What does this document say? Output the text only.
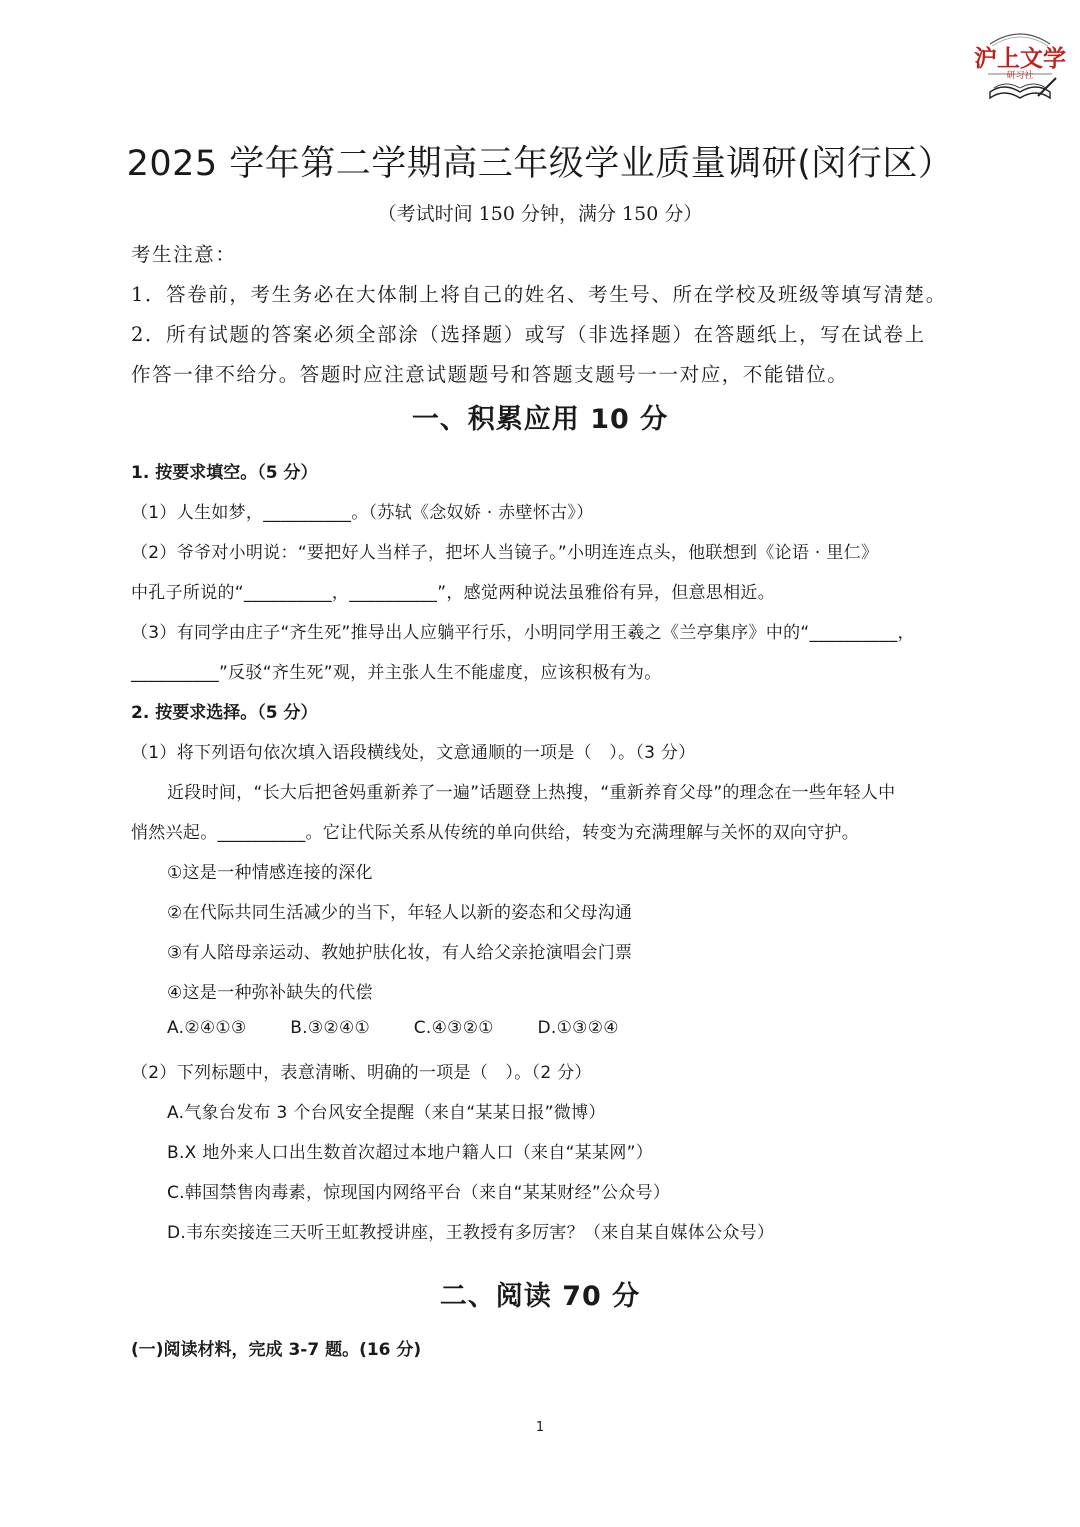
沪上文学
研习社
2025 学年第二学期高三年级学业质量调研(闵行区）
（考试时间 150 分钟，满分 150 分）
考生注意：
1．答卷前，考生务必在大体制上将自己的姓名、考生号、所在学校及班级等填写清楚。
2．所有试题的答案必须全部涂（选择题）或写（非选择题）在答题纸上，写在试卷上
作答一律不给分。答题时应注意试题题号和答题支题号一一对应，不能错位。
一、积累应用 10 分
1. 按要求填空。（5 分）
（1）人生如梦，__________。（苏轼《念奴娇 · 赤壁怀古》）
（2）爷爷对小明说：“要把好人当样子，把坏人当镜子。”小明连连点头，他联想到《论语 · 里仁》
中孔子所说的“__________，__________”，感觉两种说法虽雅俗有异，但意思相近。
（3）有同学由庄子“齐生死”推导出人应躺平行乐，小明同学用王羲之《兰亭集序》中的“__________，
__________”反驳“齐生死”观，并主张人生不能虚度，应该积极有为。
2. 按要求选择。（5 分）
（1）将下列语句依次填入语段横线处，文意通顺的一项是（　）。（3 分）
近段时间，“长大后把爸妈重新养了一遍”话题登上热搜，“重新养育父母”的理念在一些年轻人中
悄然兴起。__________。它让代际关系从传统的单向供给，转变为充满理解与关怀的双向守护。
①这是一种情感连接的深化
②在代际共同生活减少的当下，年轻人以新的姿态和父母沟通
③有人陪母亲运动、教她护肤化妆，有人给父亲抢演唱会门票
④这是一种弥补缺失的代偿
A.②④①③	B.③②④①	C.④③②①	D.①③②④
（2）下列标题中，表意清晰、明确的一项是（　）。（2 分）
A.气象台发布 3 个台风安全提醒（来自“某某日报”微博）
B.X 地外来人口出生数首次超过本地户籍人口（来自“某某网”）
C.韩国禁售肉毒素，惊现国内网络平台（来自“某某财经”公众号）
D.韦东奕接连三天听王虹教授讲座，王教授有多厉害？（来自某自媒体公众号）
二、阅读 70 分
(一)阅读材料，完成 3-7 题。(16 分)
1
